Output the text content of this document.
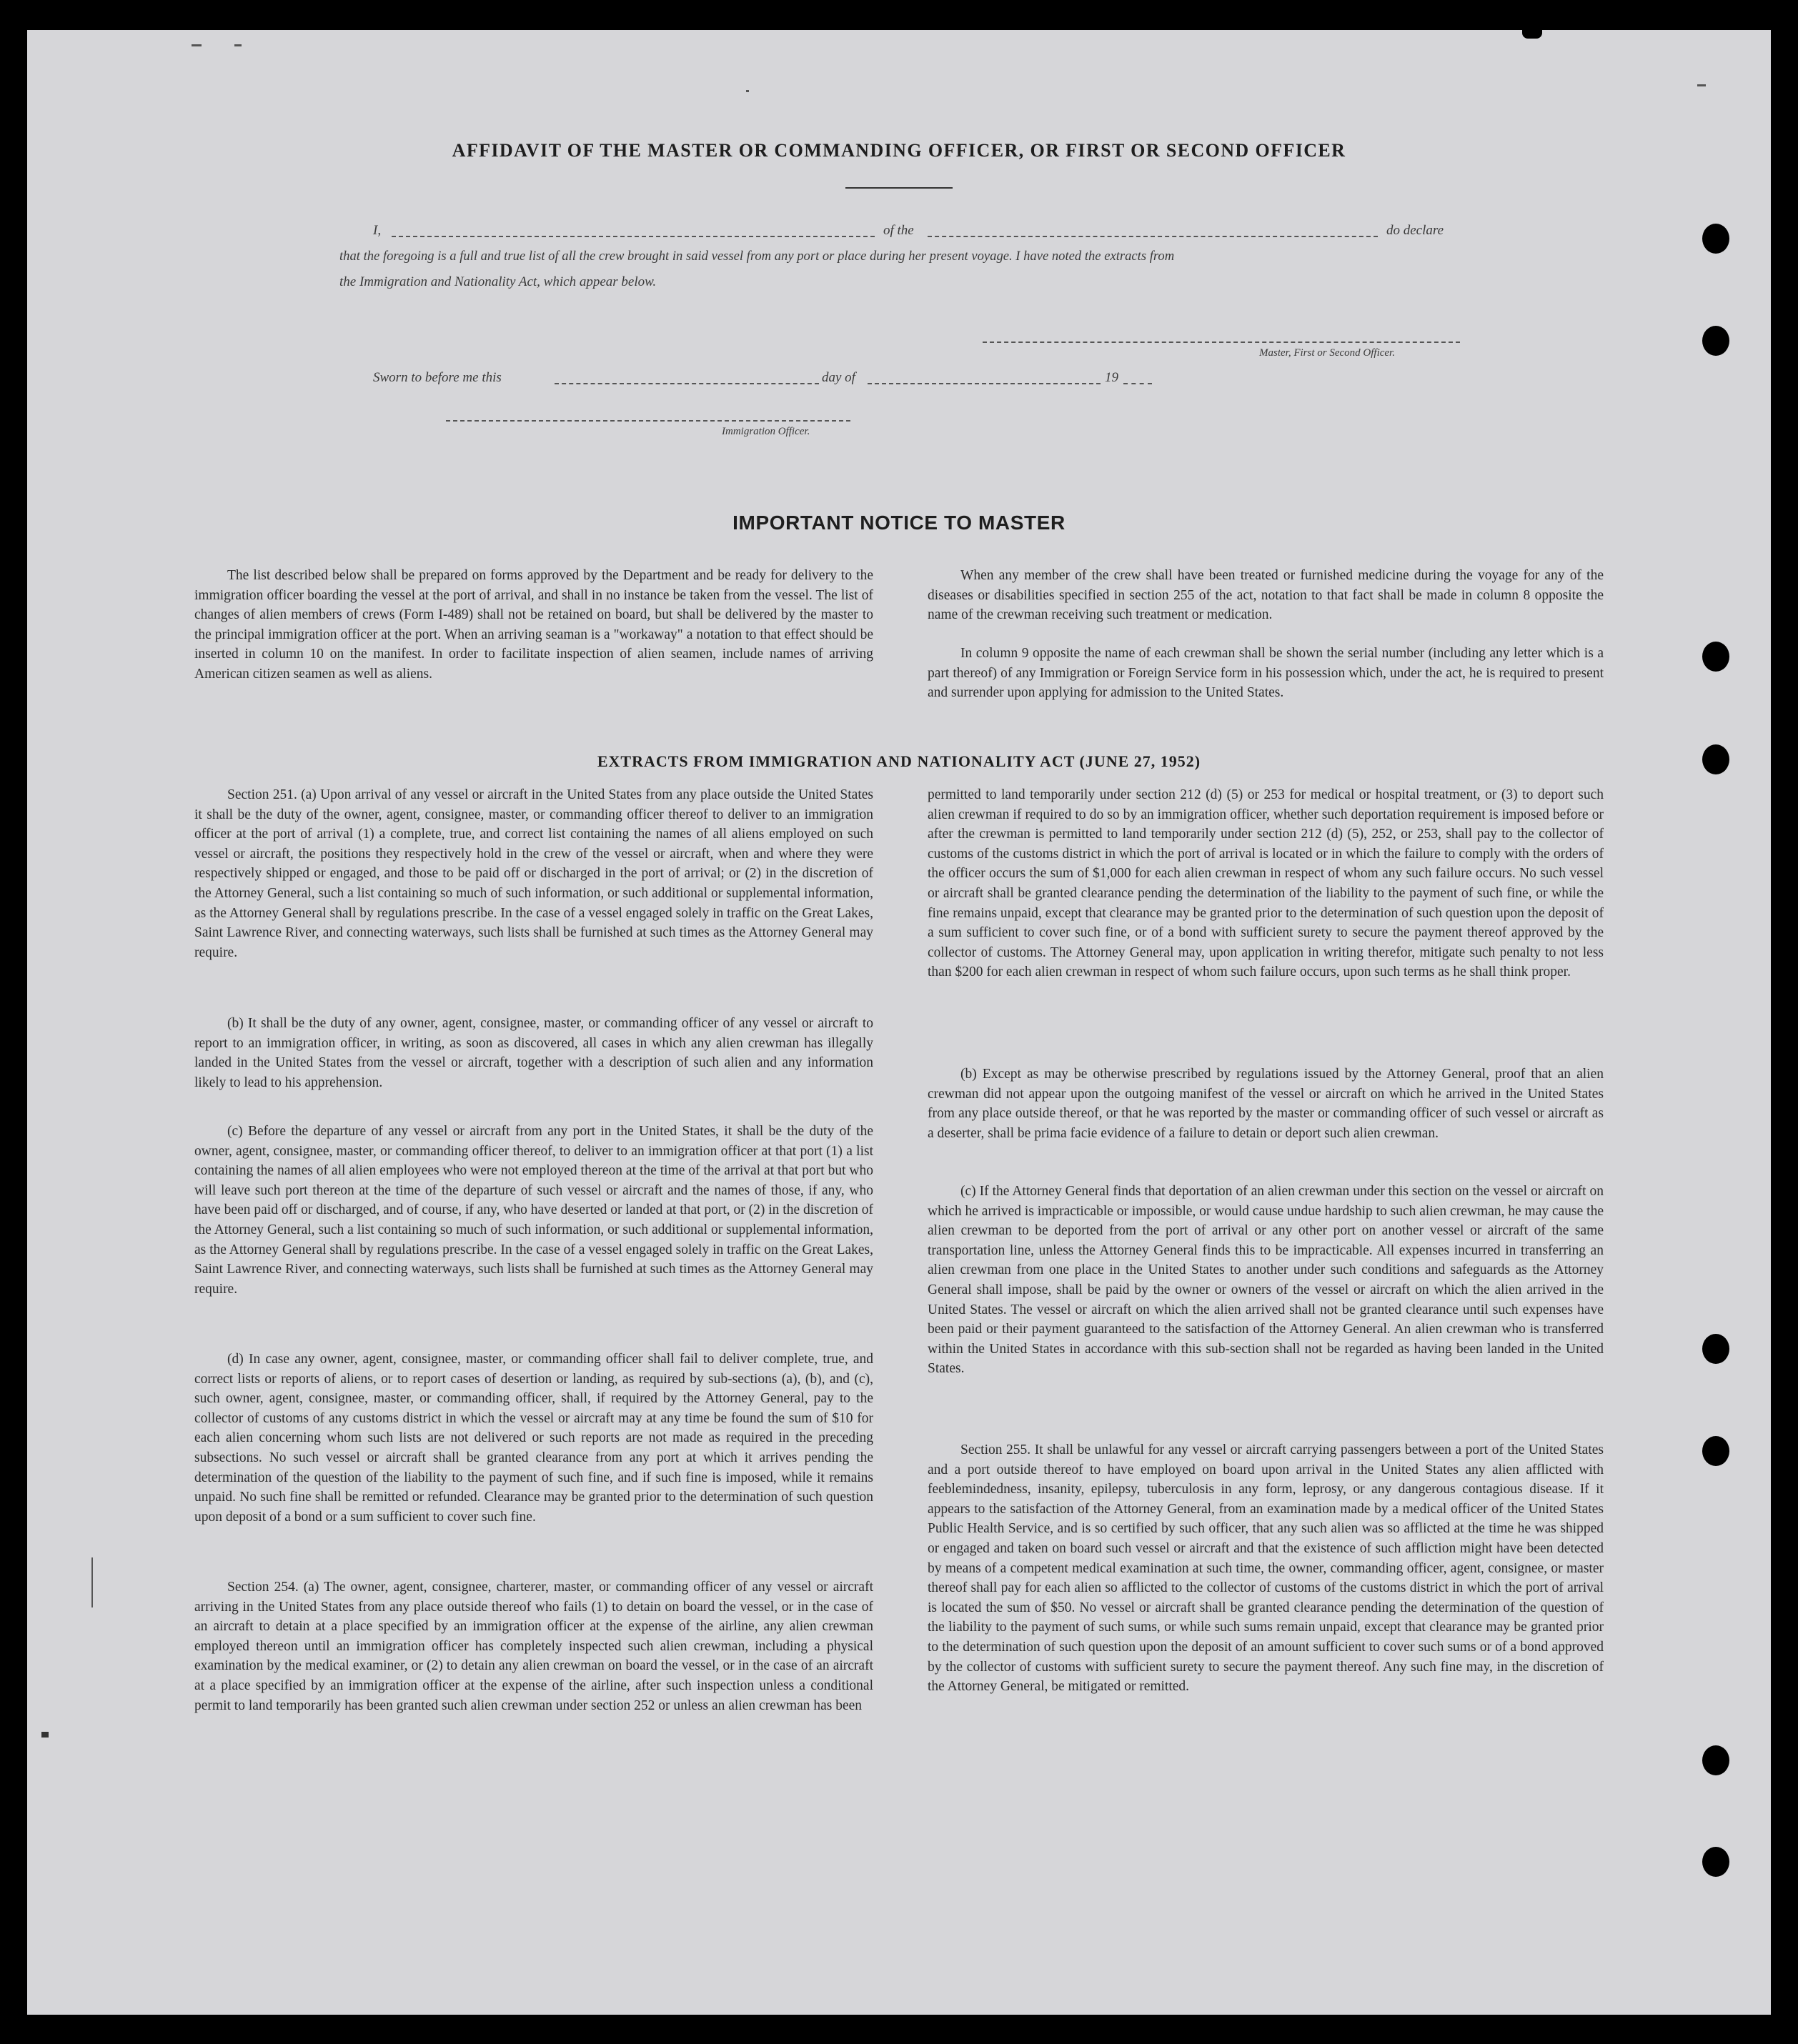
AFFIDAVIT OF THE MASTER OR COMMANDING OFFICER, OR FIRST OR SECOND OFFICER
I,	of the	do declare
that the foregoing is a full and true list of all the crew brought in said vessel from any port or place during her present voyage. I have noted the extracts from
the Immigration and Nationality Act, which appear below.
Master, First or Second Officer.
Sworn to before me this	day of	19
Immigration Officer.
IMPORTANT NOTICE TO MASTER

The list described below shall be prepared on forms approved by the Department and be ready for delivery to the immigration officer boarding the vessel at the port of arrival, and shall in no instance be taken from the vessel. The list of changes of alien members of crews (Form I-489) shall not be retained on board, but shall be delivered by the master to the principal immigration officer at the port. When an arriving seaman is a "workaway" a notation to that effect should be inserted in column 10 on the manifest. In order to facilitate inspection of alien seamen, include names of arriving American citizen seamen as well as aliens.

When any member of the crew shall have been treated or furnished medicine during the voyage for any of the diseases or disabilities specified in section 255 of the act, notation to that fact shall be made in column 8 opposite the name of the crewman receiving such treatment or medication.

In column 9 opposite the name of each crewman shall be shown the serial number (including any letter which is a part thereof) of any Immigration or Foreign Service form in his possession which, under the act, he is required to present and surrender upon applying for admission to the United States.

EXTRACTS FROM IMMIGRATION AND NATIONALITY ACT (JUNE 27, 1952)

Section 251. (a) Upon arrival of any vessel or aircraft in the United States from any place outside the United States it shall be the duty of the owner, agent, consignee, master, or commanding officer thereof to deliver to an immigration officer at the port of arrival (1) a complete, true, and correct list containing the names of all aliens employed on such vessel or aircraft, the positions they respectively hold in the crew of the vessel or aircraft, when and where they were respectively shipped or engaged, and those to be paid off or discharged in the port of arrival; or (2) in the discretion of the Attorney General, such a list containing so much of such information, or such additional or supplemental information, as the Attorney General shall by regulations prescribe. In the case of a vessel engaged solely in traffic on the Great Lakes, Saint Lawrence River, and connecting waterways, such lists shall be furnished at such times as the Attorney General may require.

(b) It shall be the duty of any owner, agent, consignee, master, or commanding officer of any vessel or aircraft to report to an immigration officer, in writing, as soon as discovered, all cases in which any alien crewman has illegally landed in the United States from the vessel or aircraft, together with a description of such alien and any information likely to lead to his apprehension.

(c) Before the departure of any vessel or aircraft from any port in the United States, it shall be the duty of the owner, agent, consignee, master, or commanding officer thereof, to deliver to an immigration officer at that port (1) a list containing the names of all alien employees who were not employed thereon at the time of the arrival at that port but who will leave such port thereon at the time of the departure of such vessel or aircraft and the names of those, if any, who have been paid off or discharged, and of course, if any, who have deserted or landed at that port, or (2) in the discretion of the Attorney General, such a list containing so much of such information, or such additional or supplemental information, as the Attorney General shall by regulations prescribe. In the case of a vessel engaged solely in traffic on the Great Lakes, Saint Lawrence River, and connecting waterways, such lists shall be furnished at such times as the Attorney General may require.

(d) In case any owner, agent, consignee, master, or commanding officer shall fail to deliver complete, true, and correct lists or reports of aliens, or to report cases of desertion or landing, as required by sub-sections (a), (b), and (c), such owner, agent, consignee, master, or commanding officer, shall, if required by the Attorney General, pay to the collector of customs of any customs district in which the vessel or aircraft may at any time be found the sum of $10 for each alien concerning whom such lists are not delivered or such reports are not made as required in the preceding subsections. No such vessel or aircraft shall be granted clearance from any port at which it arrives pending the determination of the question of the liability to the payment of such fine, and if such fine is imposed, while it remains unpaid. No such fine shall be remitted or refunded. Clearance may be granted prior to the determination of such question upon deposit of a bond or a sum sufficient to cover such fine.

Section 254. (a) The owner, agent, consignee, charterer, master, or commanding officer of any vessel or aircraft arriving in the United States from any place outside thereof who fails (1) to detain on board the vessel, or in the case of an aircraft to detain at a place specified by an immigration officer at the expense of the airline, any alien crewman employed thereon until an immigration officer has completely inspected such alien crewman, including a physical examination by the medical examiner, or (2) to detain any alien crewman on board the vessel, or in the case of an aircraft at a place specified by an immigration officer at the expense of the airline, after such inspection unless a conditional permit to land temporarily has been granted such alien crewman under section 252 or unless an alien crewman has been

permitted to land temporarily under section 212 (d) (5) or 253 for medical or hospital treatment, or (3) to deport such alien crewman if required to do so by an immigration officer, whether such deportation requirement is imposed before or after the crewman is permitted to land temporarily under section 212 (d) (5), 252, or 253, shall pay to the collector of customs of the customs district in which the port of arrival is located or in which the failure to comply with the orders of the officer occurs the sum of $1,000 for each alien crewman in respect of whom any such failure occurs. No such vessel or aircraft shall be granted clearance pending the determination of the liability to the payment of such fine, or while the fine remains unpaid, except that clearance may be granted prior to the determination of such question upon the deposit of a sum sufficient to cover such fine, or of a bond with sufficient surety to secure the payment thereof approved by the collector of customs. The Attorney General may, upon application in writing therefor, mitigate such penalty to not less than $200 for each alien crewman in respect of whom such failure occurs, upon such terms as he shall think proper.

(b) Except as may be otherwise prescribed by regulations issued by the Attorney General, proof that an alien crewman did not appear upon the outgoing manifest of the vessel or aircraft on which he arrived in the United States from any place outside thereof, or that he was reported by the master or commanding officer of such vessel or aircraft as a deserter, shall be prima facie evidence of a failure to detain or deport such alien crewman.

(c) If the Attorney General finds that deportation of an alien crewman under this section on the vessel or aircraft on which he arrived is impracticable or impossible, or would cause undue hardship to such alien crewman, he may cause the alien crewman to be deported from the port of arrival or any other port on another vessel or aircraft of the same transportation line, unless the Attorney General finds this to be impracticable. All expenses incurred in transferring an alien crewman from one place in the United States to another under such conditions and safeguards as the Attorney General shall impose, shall be paid by the owner or owners of the vessel or aircraft on which the alien arrived in the United States. The vessel or aircraft on which the alien arrived shall not be granted clearance until such expenses have been paid or their payment guaranteed to the satisfaction of the Attorney General. An alien crewman who is transferred within the United States in accordance with this sub-section shall not be regarded as having been landed in the United States.

Section 255. It shall be unlawful for any vessel or aircraft carrying passengers between a port of the United States and a port outside thereof to have employed on board upon arrival in the United States any alien afflicted with feeblemindedness, insanity, epilepsy, tuberculosis in any form, leprosy, or any dangerous contagious disease. If it appears to the satisfaction of the Attorney General, from an examination made by a medical officer of the United States Public Health Service, and is so certified by such officer, that any such alien was so afflicted at the time he was shipped or engaged and taken on board such vessel or aircraft and that the existence of such affliction might have been detected by means of a competent medical examination at such time, the owner, commanding officer, agent, consignee, or master thereof shall pay for each alien so afflicted to the collector of customs of the customs district in which the port of arrival is located the sum of $50. No vessel or aircraft shall be granted clearance pending the determination of the question of the liability to the payment of such sums, or while such sums remain unpaid, except that clearance may be granted prior to the determination of such question upon the deposit of an amount sufficient to cover such sums or of a bond approved by the collector of customs with sufficient surety to secure the payment thereof. Any such fine may, in the discretion of the Attorney General, be mitigated or remitted.
